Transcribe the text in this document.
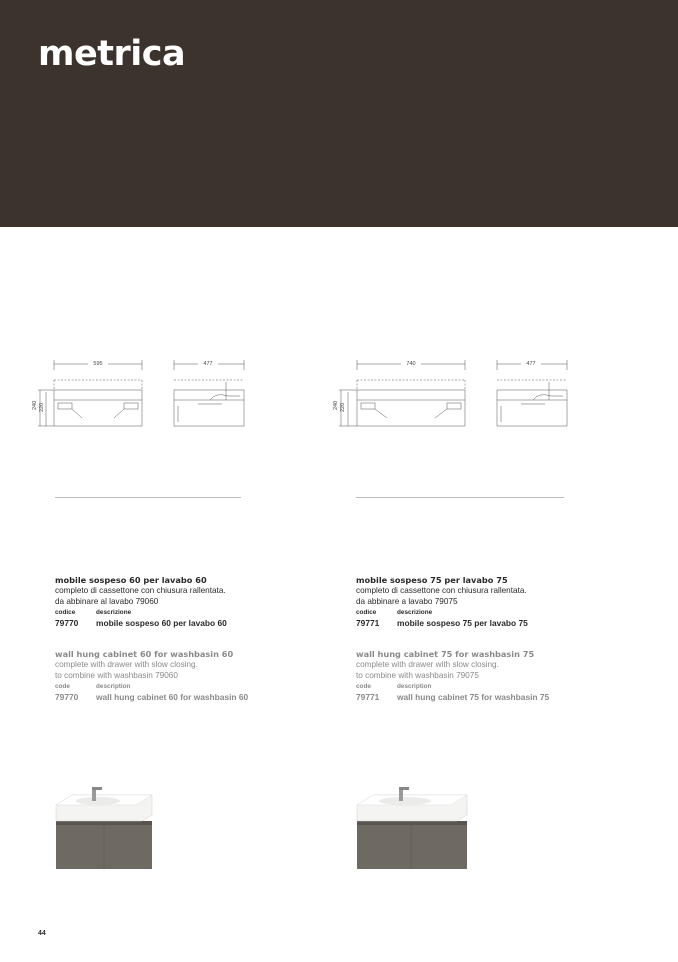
metrica
595
240 220
477	740
240 220
477
mobile sospeso 60 per lavabo 60
completo di cassettone con chiusura rallentata.
da abbinare al lavabo 79060
codice	descrizione
79770	mobile sospeso 60 per lavabo 60
wall hung cabinet 60 for washbasin 60
complete with drawer with slow closing.
to combine with washbasin 79060
code	description
79770	wall hung cabinet 60 for washbasin 60
mobile sospeso 75 per lavabo 75
completo di cassettone con chiusura rallentata.
da abbinare a lavabo 79075
codice	descrizione
79771	mobile sospeso 75 per lavabo 75
wall hung cabinet 75 for washbasin 75
complete with drawer with slow closing.
to combine with washbasin 79075
code	description
79771	wall hung cabinet 75 for washbasin 75
44
